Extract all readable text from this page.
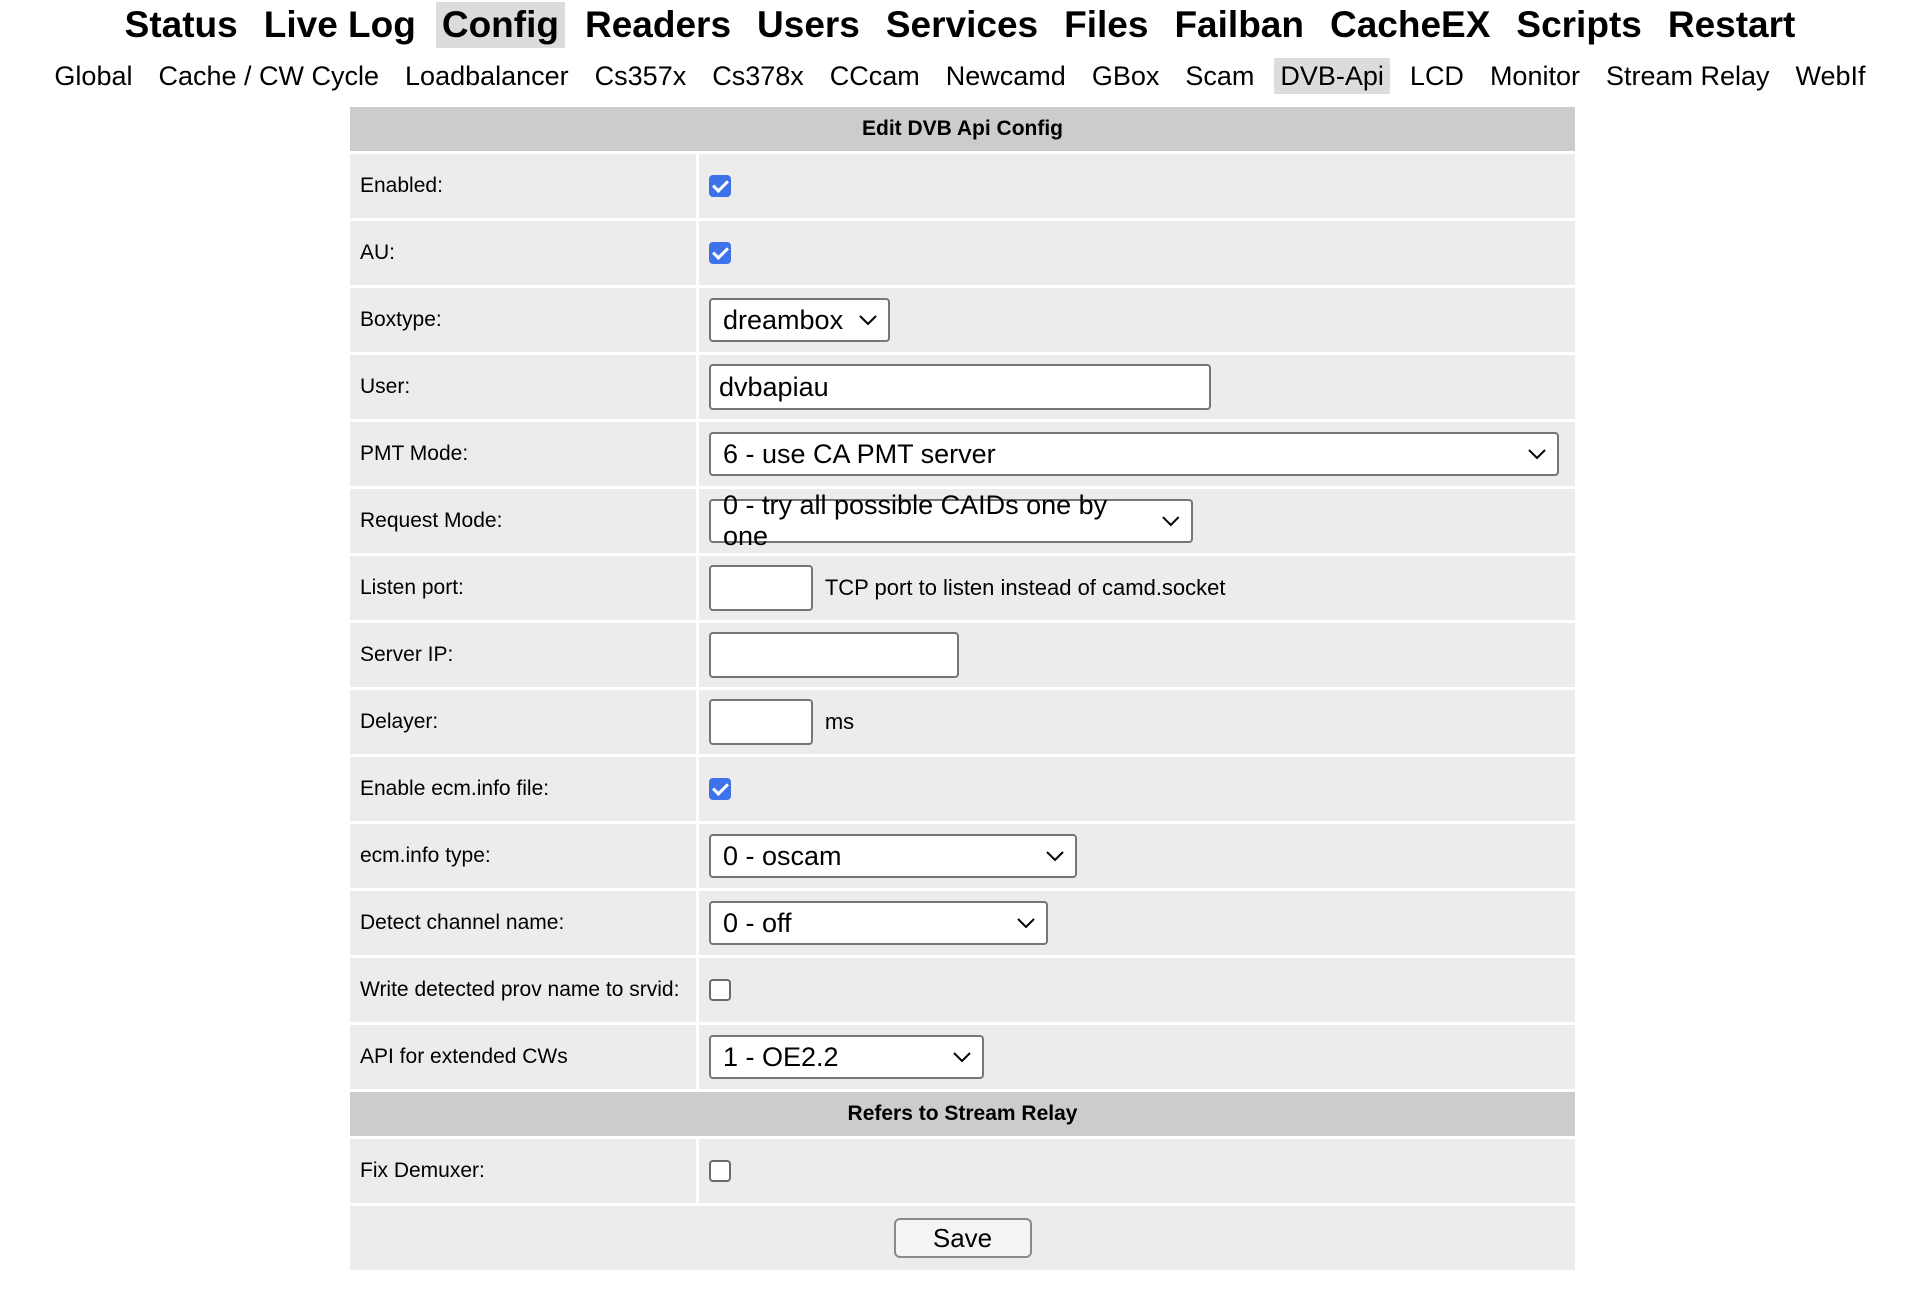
Status Live Log Config Readers Users Services Files Failban CacheEX Scripts Restart
Global Cache / CW Cycle Loadbalancer Cs357x Cs378x CCcam Newcamd GBox Scam DVB-Api LCD Monitor Stream Relay WebIf
Edit DVB Api Config	
Enabled:	
AU:	
Boxtype:	dreambox

User:	dvbapiau
PMT Mode:	6 - use CA PMT server

Request Mode:	0 - try all possible CAIDs one by one

Listen port:	TCP port to listen instead of camd.socket
Server IP:	
Delayer:	ms
Enable ecm.info file:	
ecm.info type:	0 - oscam

Detect channel name:	0 - off

Write detected prov name to srvid:	
API for extended CWs	1 - OE2.2

Refers to Stream Relay	
Fix Demuxer:	
Save	
